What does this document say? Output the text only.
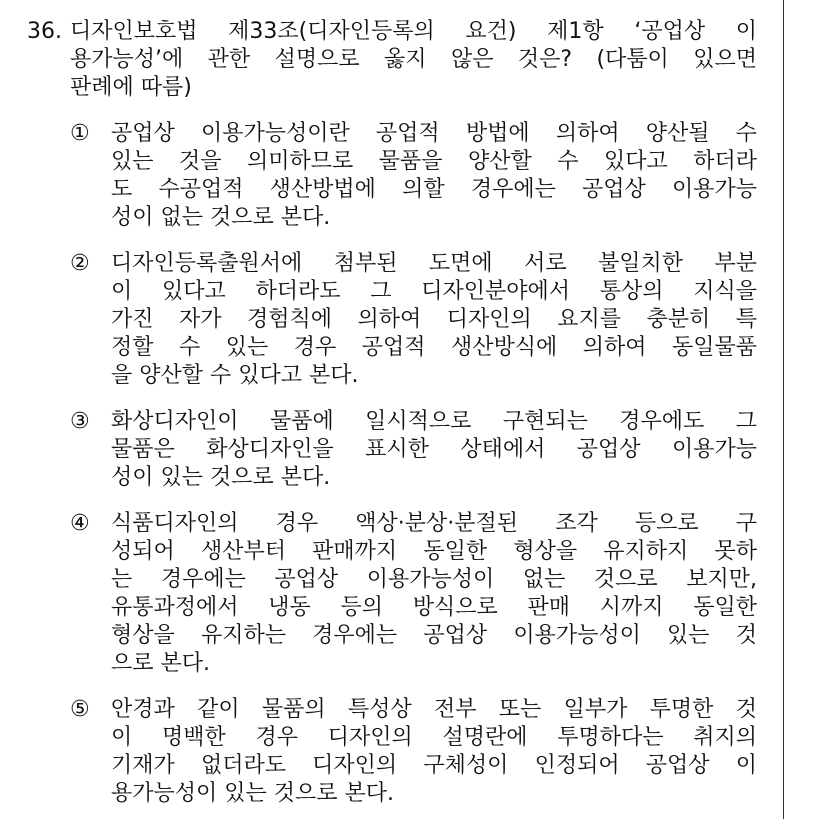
36. 디자인보호법 제33조(디자인등록의 요건) 제1항 ‘공업상 이
용가능성’에 관한 설명으로 옳지 않은 것은? (다툼이 있으면
판례에 따름)
① 공업상 이용가능성이란 공업적 방법에 의하여 양산될 수
있는 것을 의미하므로 물품을 양산할 수 있다고 하더라
도 수공업적 생산방법에 의할 경우에는 공업상 이용가능
성이 없는 것으로 본다.
② 디자인등록출원서에 첨부된 도면에 서로 불일치한 부분
이 있다고 하더라도 그 디자인분야에서 통상의 지식을
가진 자가 경험칙에 의하여 디자인의 요지를 충분히 특
정할 수 있는 경우 공업적 생산방식에 의하여 동일물품
을 양산할 수 있다고 본다.
③ 화상디자인이 물품에 일시적으로 구현되는 경우에도 그
물품은 화상디자인을 표시한 상태에서 공업상 이용가능
성이 있는 것으로 본다.
④ 식품디자인의 경우 액상·분상·분절된 조각 등으로 구
성되어 생산부터 판매까지 동일한 형상을 유지하지 못하
는 경우에는 공업상 이용가능성이 없는 것으로 보지만,
유통과정에서 냉동 등의 방식으로 판매 시까지 동일한
형상을 유지하는 경우에는 공업상 이용가능성이 있는 것
으로 본다.
⑤ 안경과 같이 물품의 특성상 전부 또는 일부가 투명한 것
이 명백한 경우 디자인의 설명란에 투명하다는 취지의
기재가 없더라도 디자인의 구체성이 인정되어 공업상 이
용가능성이 있는 것으로 본다.
